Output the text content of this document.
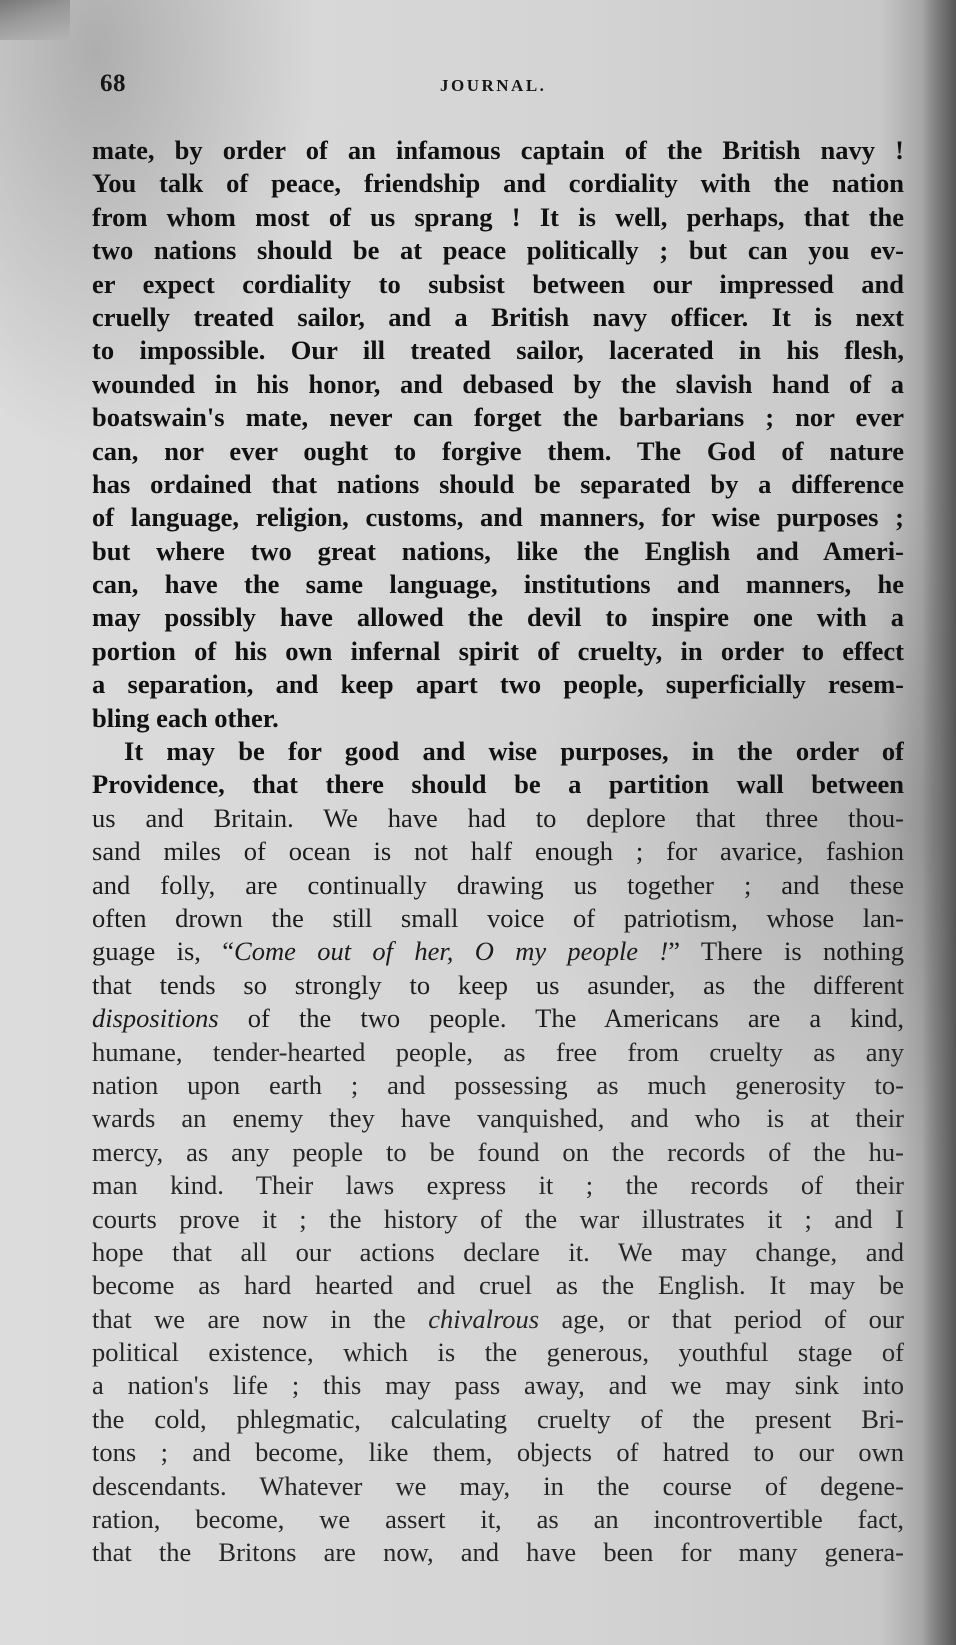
68	JOURNAL.
mate, by order of an infamous captain of the British navy !
You talk of peace, friendship and cordiality with the nation
from whom most of us sprang ! It is well, perhaps, that the
two nations should be at peace politically ; but can you ev-
er expect cordiality to subsist between our impressed and
cruelly treated sailor, and a British navy officer. It is next
to impossible. Our ill treated sailor, lacerated in his flesh,
wounded in his honor, and debased by the slavish hand of a
boatswain's mate, never can forget the barbarians ; nor ever
can, nor ever ought to forgive them. The God of nature
has ordained that nations should be separated by a difference
of language, religion, customs, and manners, for wise purposes ;
but where two great nations, like the English and Ameri-
can, have the same language, institutions and manners, he
may possibly have allowed the devil to inspire one with a
portion of his own infernal spirit of cruelty, in order to effect
a separation, and keep apart two people, superficially resem-
bling each other.
It may be for good and wise purposes, in the order of
Providence, that there should be a partition wall between
us and Britain. We have had to deplore that three thou-
sand miles of ocean is not half enough ; for avarice, fashion
and folly, are continually drawing us together ; and these
often drown the still small voice of patriotism, whose lan-
guage is, “Come out of her, O my people !” There is nothing
that tends so strongly to keep us asunder, as the different
dispositions of the two people. The Americans are a kind,
humane, tender-hearted people, as free from cruelty as any
nation upon earth ; and possessing as much generosity to-
wards an enemy they have vanquished, and who is at their
mercy, as any people to be found on the records of the hu-
man kind. Their laws express it ; the records of their
courts prove it ; the history of the war illustrates it ; and I
hope that all our actions declare it. We may change, and
become as hard hearted and cruel as the English. It may be
that we are now in the chivalrous age, or that period of our
political existence, which is the generous, youthful stage of
a nation's life ; this may pass away, and we may sink into
the cold, phlegmatic, calculating cruelty of the present Bri-
tons ; and become, like them, objects of hatred to our own
descendants. Whatever we may, in the course of degene-
ration, become, we assert it, as an incontrovertible fact,
that the Britons are now, and have been for many genera-
